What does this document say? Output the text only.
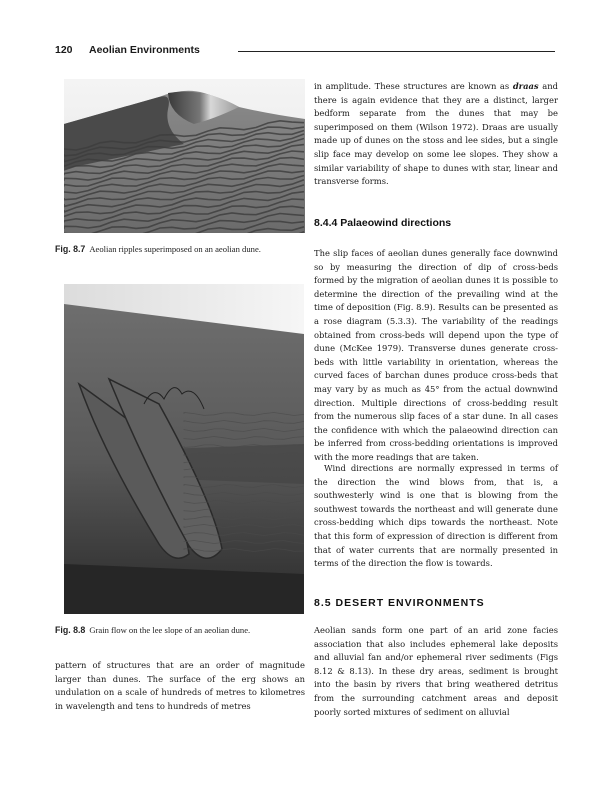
120 Aeolian Environments
Fig. 8.7 Aeolian ripples superimposed on an aeolian dune.
Fig. 8.8 Grain flow on the lee slope of an aeolian dune.

pattern of structures that are an order of magnitude larger than dunes. The surface of the erg shows an undulation on a scale of hundreds of metres to kilometres in wavelength and tens to hundreds of metres

in amplitude. These structures are known as draas and there is again evidence that they are a distinct, larger bedform separate from the dunes that may be superimposed on them (Wilson 1972). Draas are usually made up of dunes on the stoss and lee sides, but a single slip face may develop on some lee slopes. They show a similar variability of shape to dunes with star, linear and transverse forms.

8.4.4 Palaeowind directions

The slip faces of aeolian dunes generally face downwind so by measuring the direction of dip of cross-beds formed by the migration of aeolian dunes it is possible to determine the direction of the prevailing wind at the time of deposition (Fig. 8.9). Results can be presented as a rose diagram (5.3.3). The variability of the readings obtained from cross-beds will depend upon the type of dune (McKee 1979). Transverse dunes generate cross-beds with little variability in orientation, whereas the curved faces of barchan dunes produce cross-beds that may vary by as much as 45° from the actual downwind direction. Multiple directions of cross-bedding result from the numerous slip faces of a star dune. In all cases the confidence with which the palaeowind direction can be inferred from cross-bedding orientations is improved with the more readings that are taken.

Wind directions are normally expressed in terms of the direction the wind blows from, that is, a southwesterly wind is one that is blowing from the southwest towards the northeast and will generate dune cross-bedding which dips towards the northeast. Note that this form of expression of direction is different from that of water currents that are normally presented in terms of the direction the flow is towards.

8.5 DESERT ENVIRONMENTS

Aeolian sands form one part of an arid zone facies association that also includes ephemeral lake deposits and alluvial fan and/or ephemeral river sediments (Figs 8.12 & 8.13). In these dry areas, sediment is brought into the basin by rivers that bring weathered detritus from the surrounding catchment areas and deposit poorly sorted mixtures of sediment on alluvial
